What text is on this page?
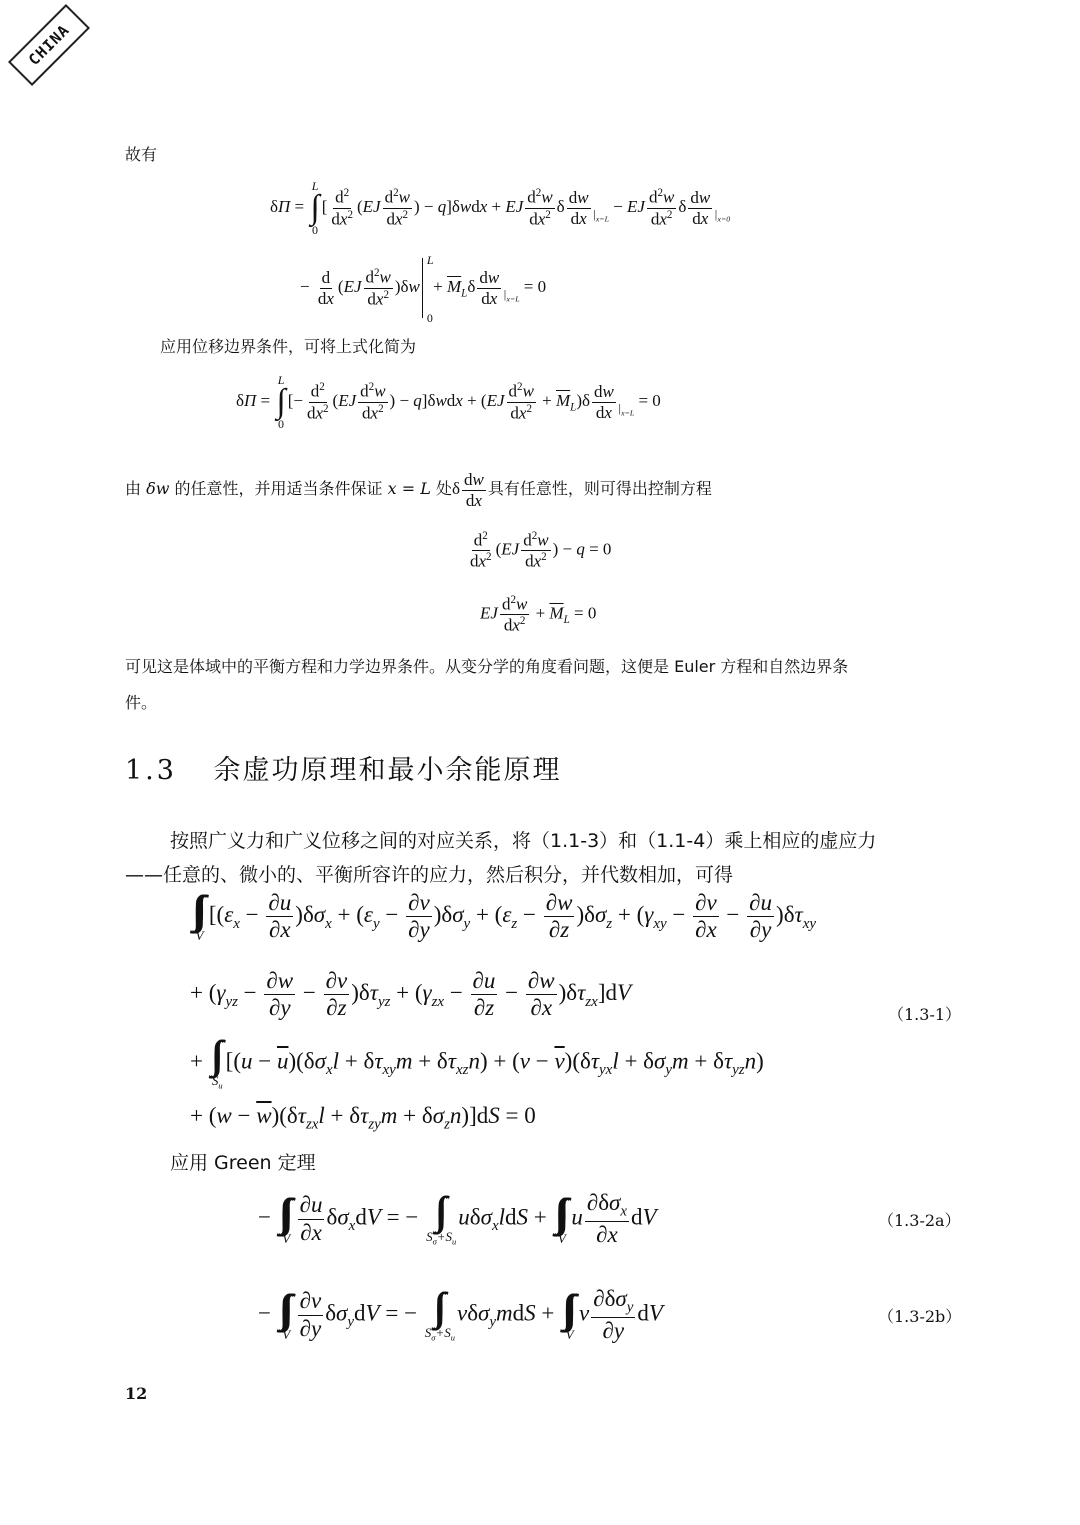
CHINA
故有
δΠ =
L
∫
0
[ $\frac{d^2}{dx^2} (EJ \frac{d^2w}{dx^2}$ ) − q]δwdx + EJ $\frac{d^2w}{dx^2}$ δ $\frac{dw}{dx} |_{x=L}$ − EJ $\frac{d^2w}{dx^2}$ δ $\frac{dw}{dx} |_{x=0}$
− $\frac{d}{dx} (EJ \frac{d^2w}{dx^2} )\delta w$
L
0
+ $\overline{M}_L\delta \frac{dw}{dx} |_{x=L} = 0$
应用位移边界条件，可将上式化简为
δΠ =
L
∫
0
[− $\frac{d^2}{dx^2} (EJ \frac{d^2w}{dx^2}$ ) − $q]\delta wdx + (EJ \frac{d^2w}{dx^2} + \overline{M}_L)\delta \frac{dw}{dx} |_{x=L} = 0$
由 δw 的任意性，并用适当条件保证 x = L 处δ $\frac{dw}{dx}$ 具有任意性，则可得出控制方程
$\frac{d^2}{dx^2} (EJ \frac{d^2w}{dx^2}$ ) − q = 0
EJ $\frac{d^2w}{dx^2} + \overline{M}_L = 0$
可见这是体域中的平衡方程和力学边界条件。从变分学的角度看问题，这便是 Euler 方程和自然边界条
件。
1.3 余虚功原理和最小余能原理
按照广义力和广义位移之间的对应关系，将（1.1-3）和（1.1-4）乘上相应的虚应力
——任意的、微小的、平衡所容许的应力，然后积分，并代数相加，可得
∫∫∫
V
[$(\varepsilon_x - \frac{\partial u}{\partial x} )\delta\sigma_x + (\varepsilon_y - \frac{\partial v}{\partial y} )\delta\sigma_y + (\varepsilon_z - \frac{\partial w}{\partial z} )\delta\sigma_z + (\gamma_{xy} - \frac{\partial v}{\partial x} - \frac{\partial u}{\partial y} )\delta\tau_{xy}$
+ $(\gamma_{yz} - \frac{\partial w}{\partial y} - \frac{\partial v}{\partial z} )\delta\tau_{yz} + (\gamma_{zx} - \frac{\partial u}{\partial z} - \frac{\partial w}{\partial x} )\delta\tau_{zx}]dV$
（1.3-1）
+ ∫∫
$S_u$
[$(u - \overline{u})(\delta\sigma_xl + \delta\tau_{xy}m + \delta\tau_{xz}n) + (v - \overline{v})(\delta\tau_{yx}l + \delta\sigma_ym + \delta\tau_{yz}n)$
+ $(w - \overline{w})(\delta\tau_{zx}l + \delta\tau_{zy}m + \delta\sigma_zn)]dS = 0$
应用 Green 定理
− ∫∫∫
V $\frac{\partial u}{\partial x} \delta\sigma_xdV$ = − ∫∫
$S_\sigma+S_u$
uδσ$_x$ldS + ∫∫∫
V
u
$\partial\delta\sigma_x$
∂x
dV	（1.3-2a）
− ∫∫∫
V $\frac{\partial v}{\partial y} \delta\sigma_ydV$ = − ∫∫
$S_\sigma+S_u$
vδσ$_y$mdS + ∫∫∫
V
v
$\partial\delta\sigma_y$
∂y
dV	（1.3-2b）
12
